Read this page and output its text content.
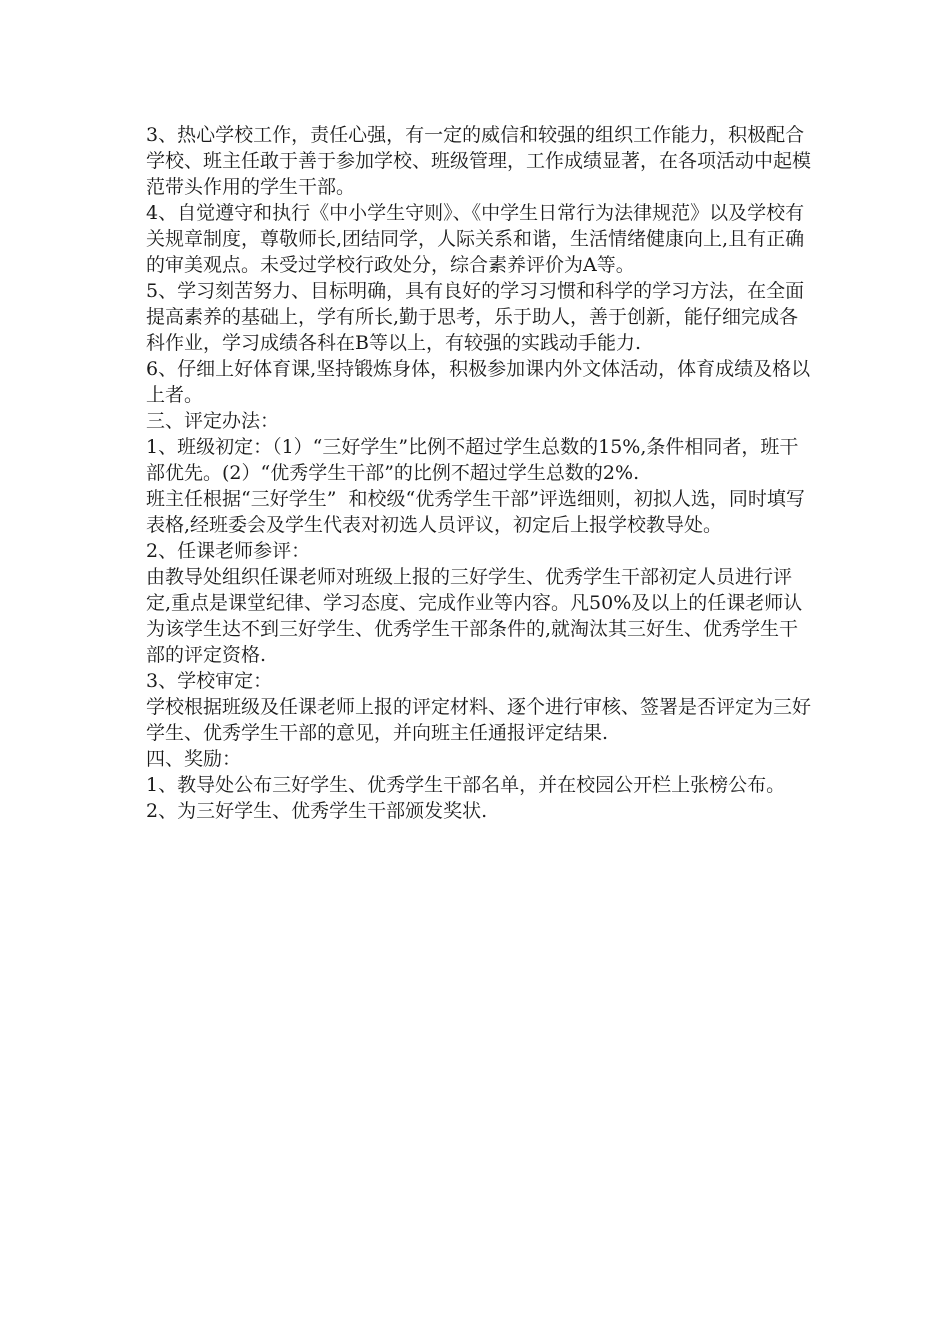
3、热心学校工作，责任心强，有一定的威信和较强的组织工作能力，积极配合学校、班主任敢于善于参加学校、班级管理，工作成绩显著，在各项活动中起模范带头作用的学生干部。

4、自觉遵守和执行《中小学生守则》、《中学生日常行为法律规范》以及学校有关规章制度，尊敬师长,团结同学，人际关系和谐，生活情绪健康向上,且有正确的审美观点。未受过学校行政处分，综合素养评价为A等。

5、学习刻苦努力、目标明确，具有良好的学习习惯和科学的学习方法，在全面提高素养的基础上，学有所长,勤于思考，乐于助人，善于创新，能仔细完成各科作业，学习成绩各科在B等以上，有较强的实践动手能力.

6、仔细上好体育课,坚持锻炼身体，积极参加课内外文体活动，体育成绩及格以上者。

三、评定办法：

1、班级初定：（1）“三好学生”比例不超过学生总数的15%,条件相同者，班干部优先。(2）“优秀学生干部”的比例不超过学生总数的2%.

班主任根据“三好学生”  和校级“优秀学生干部”评选细则，初拟人选，同时填写表格,经班委会及学生代表对初选人员评议，初定后上报学校教导处。

2、任课老师参评：

由教导处组织任课老师对班级上报的三好学生、优秀学生干部初定人员进行评定,重点是课堂纪律、学习态度、完成作业等内容。凡50%及以上的任课老师认为该学生达不到三好学生、优秀学生干部条件的,就淘汰其三好生、优秀学生干部的评定资格.

3、学校审定：

学校根据班级及任课老师上报的评定材料、逐个进行审核、签署是否评定为三好学生、优秀学生干部的意见，并向班主任通报评定结果.

四、奖励：

1、教导处公布三好学生、优秀学生干部名单，并在校园公开栏上张榜公布。

2、为三好学生、优秀学生干部颁发奖状.
